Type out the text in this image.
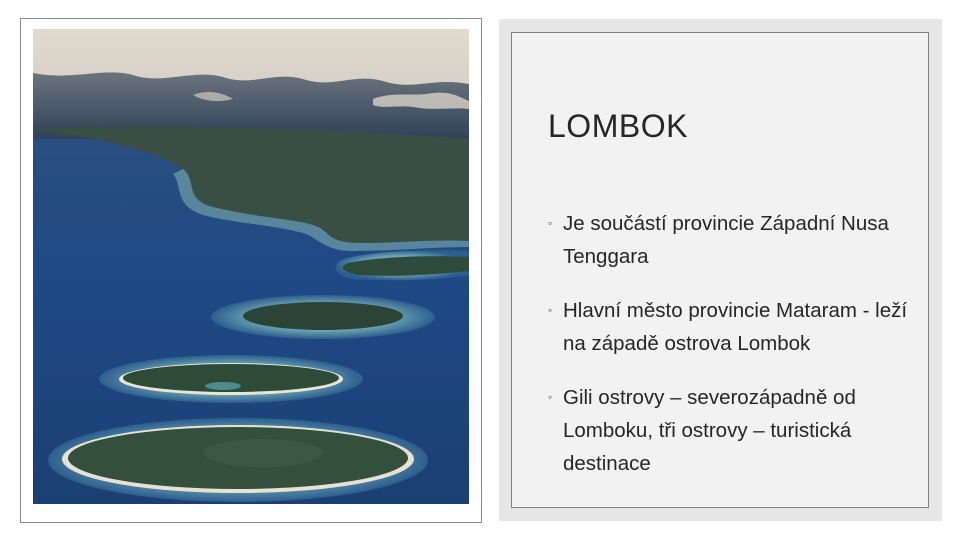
LOMBOK
◦ Je součástí provincie Západní Nusa Tenggara
◦ Hlavní město provincie Mataram - leží na západě ostrova Lombok
◦ Gili ostrovy – severozápadně od Lomboku, tři ostrovy – turistická destinace
